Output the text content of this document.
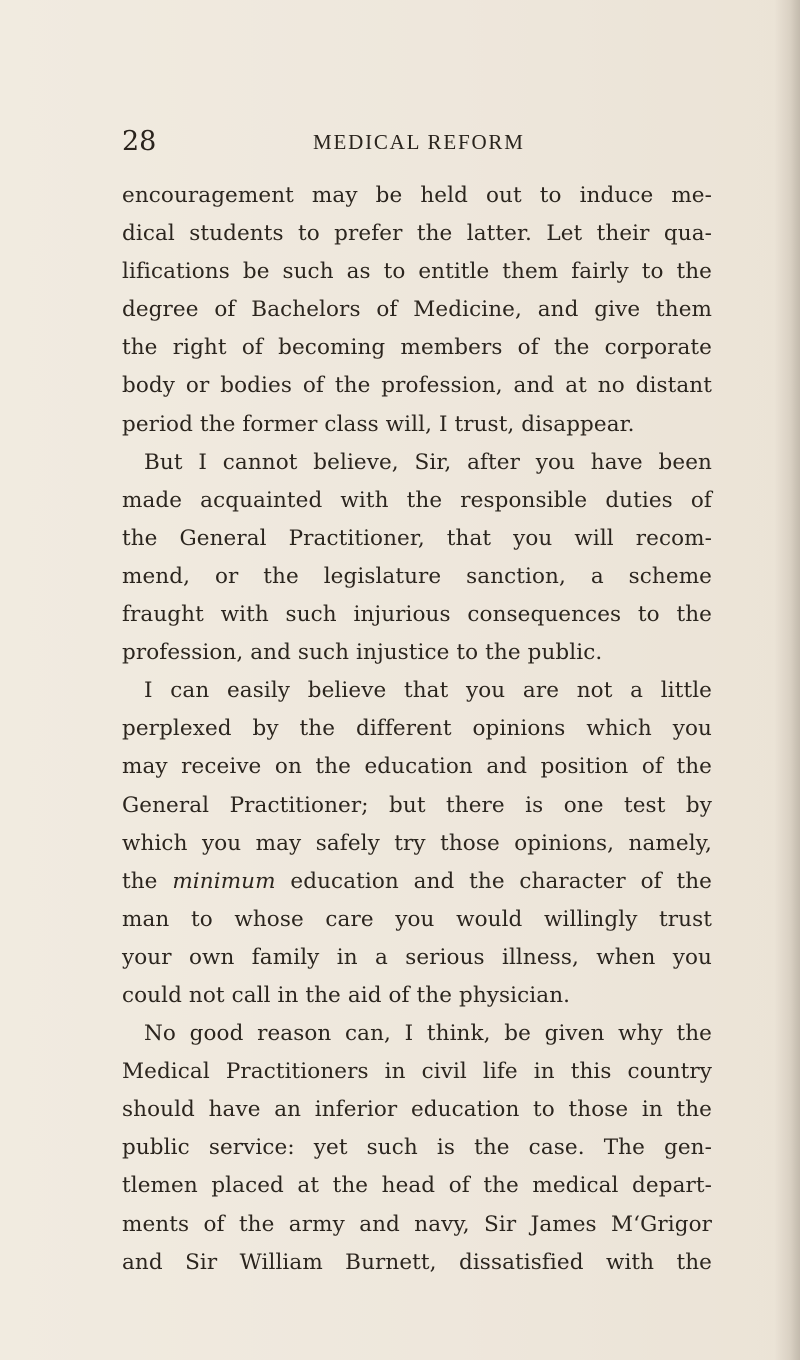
28	MEDICAL REFORM

encouragement may be held out to induce me-
dical students to prefer the latter. Let their qua-
lifications be such as to entitle them fairly to the
degree of Bachelors of Medicine, and give them
the right of becoming members of the corporate
body or bodies of the profession, and at no distant
period the former class will, I trust, disappear.
But I cannot believe, Sir, after you have been
made acquainted with the responsible duties of
the General Practitioner, that you will recom-
mend, or the legislature sanction, a scheme
fraught with such injurious consequences to the
profession, and such injustice to the public.
I can easily believe that you are not a little
perplexed by the different opinions which you
may receive on the education and position of the
General Practitioner; but there is one test by
which you may safely try those opinions, namely,
the minimum education and the character of the
man to whose care you would willingly trust
your own family in a serious illness, when you
could not call in the aid of the physician.
No good reason can, I think, be given why the
Medical Practitioners in civil life in this country
should have an inferior education to those in the
public service: yet such is the case. The gen-
tlemen placed at the head of the medical depart-
ments of the army and navy, Sir James M‘Grigor
and Sir William Burnett, dissatisfied with the
